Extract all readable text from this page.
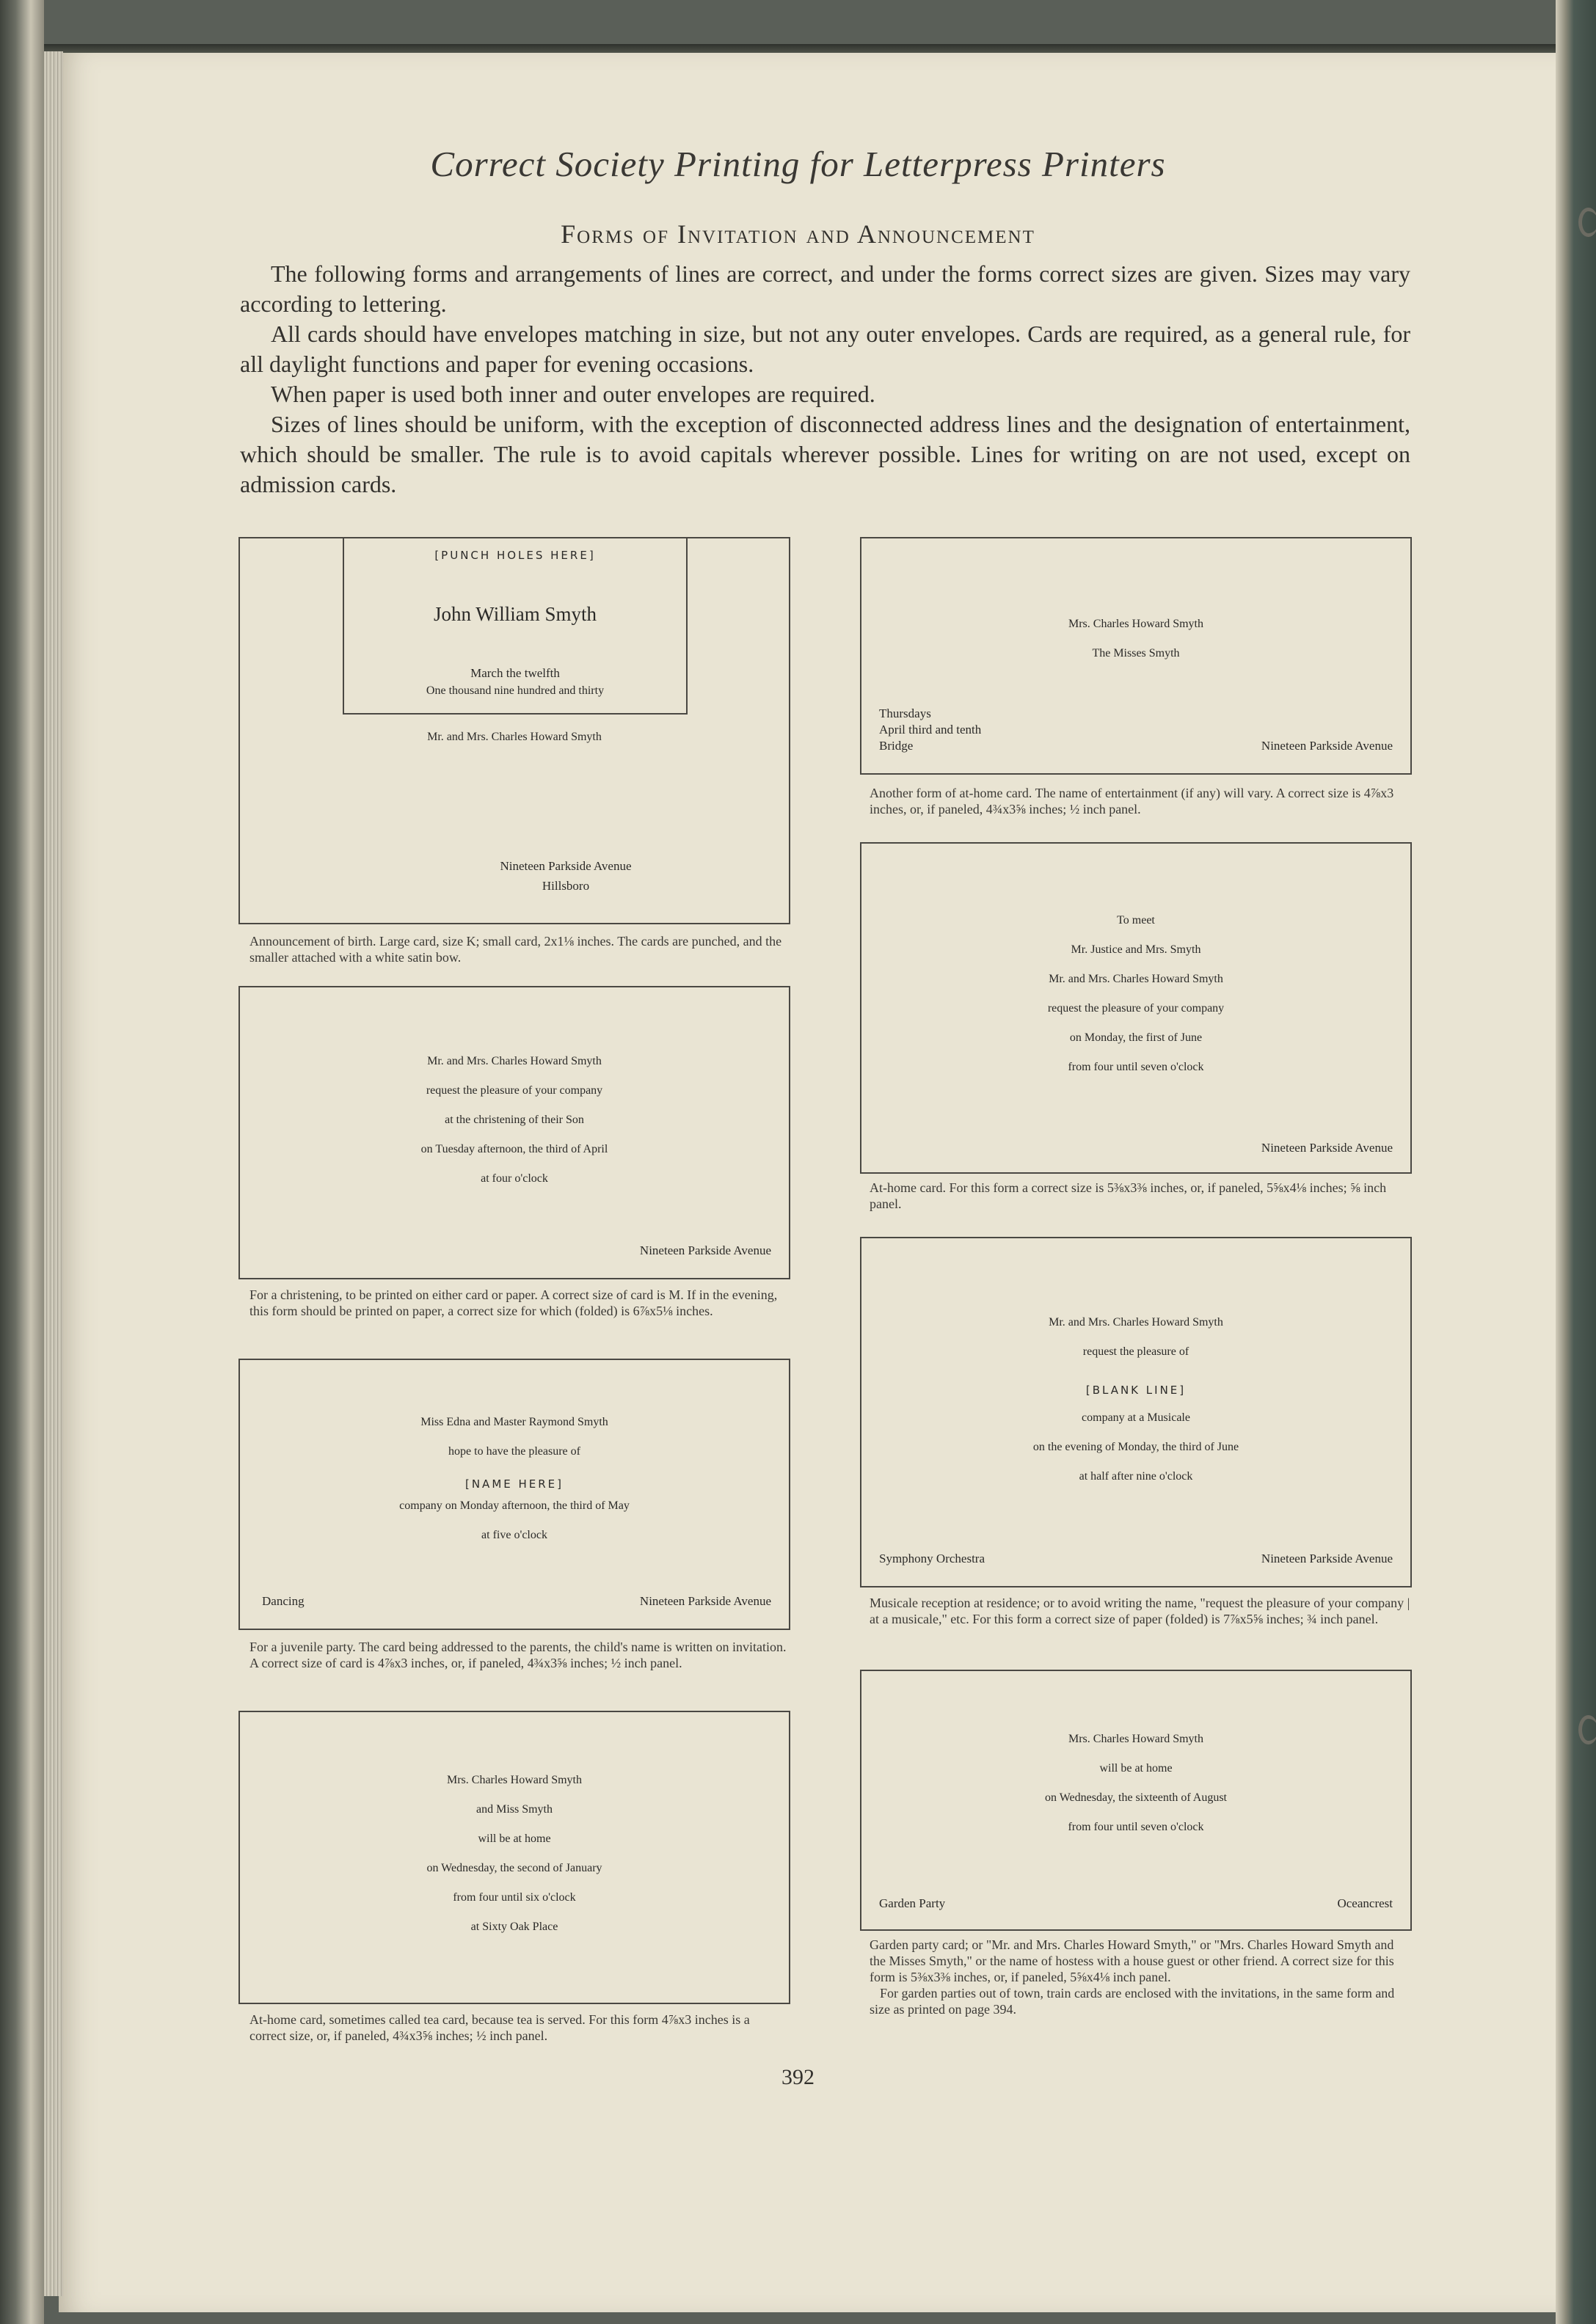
Correct Society Printing for Letterpress Printers
Forms of Invitation and Announcement

The following forms and arrangements of lines are correct, and under the forms correct sizes are given. Sizes may vary according to lettering.

All cards should have envelopes matching in size, but not any outer envelopes. Cards are required, as a general rule, for all daylight functions and paper for evening occasions.

When paper is used both inner and outer envelopes are required.

Sizes of lines should be uniform, with the exception of disconnected address lines and the designation of entertainment, which should be smaller. The rule is to avoid capitals wherever possible. Lines for writing on are not used, except on admission cards.

[PUNCH HOLES HERE]
John William Smyth
March the twelfth
One thousand nine hundred and thirty
Mr. and Mrs. Charles Howard Smyth
Nineteen Parkside Avenue
Hillsboro
Announcement of birth. Large card, size K; small card, 2x1⅛ inches. The cards are punched, and the smaller attached with a white satin bow.
Mr. and Mrs. Charles Howard Smyth
request the pleasure of your company
at the christening of their Son
on Tuesday afternoon, the third of April
at four o'clock
Nineteen Parkside Avenue
For a christening, to be printed on either card or paper. A correct size of card is M. If in the evening, this form should be printed on paper, a correct size for which (folded) is 6⅞x5⅛ inches.
Miss Edna and Master Raymond Smyth
hope to have the pleasure of
[NAME HERE]
company on Monday afternoon, the third of May
at five o'clock
Dancing	Nineteen Parkside Avenue
For a juvenile party. The card being addressed to the parents, the child's name is written on invitation. A correct size of card is 4⅞x3 inches, or, if paneled, 4¾x3⅝ inches; ½ inch panel.
Mrs. Charles Howard Smyth
and Miss Smyth
will be at home
on Wednesday, the second of January
from four until six o'clock
at Sixty Oak Place
At-home card, sometimes called tea card, because tea is served. For this form 4⅞x3 inches is a correct size, or, if paneled, 4¾x3⅝ inches; ½ inch panel.
Mrs. Charles Howard Smyth
The Misses Smyth
Thursdays
April third and tenth
Bridge	Nineteen Parkside Avenue
Another form of at-home card. The name of entertainment (if any) will vary. A correct size is 4⅞x3 inches, or, if paneled, 4¾x3⅝ inches; ½ inch panel.
To meet
Mr. Justice and Mrs. Smyth
Mr. and Mrs. Charles Howard Smyth
request the pleasure of your company
on Monday, the first of June
from four until seven o'clock
Nineteen Parkside Avenue
At-home card. For this form a correct size is 5⅜x3⅜ inches, or, if paneled, 5⅝x4⅛ inches; ⅝ inch panel.
Mr. and Mrs. Charles Howard Smyth
request the pleasure of
[BLANK LINE]
company at a Musicale
on the evening of Monday, the third of June
at half after nine o'clock
Symphony Orchestra	Nineteen Parkside Avenue
Musicale reception at residence; or to avoid writing the name, "request the pleasure of your company | at a musicale," etc. For this form a correct size of paper (folded) is 7⅞x5⅝ inches; ¾ inch panel.
Mrs. Charles Howard Smyth
will be at home
on Wednesday, the sixteenth of August
from four until seven o'clock
Garden Party	Oceancrest

Garden party card; or "Mr. and Mrs. Charles Howard Smyth," or "Mrs. Charles Howard Smyth and the Misses Smyth," or the name of hostess with a house guest or other friend. A correct size for this form is 5⅜x3⅜ inches, or, if paneled, 5⅝x4⅛ inch panel.

For garden parties out of town, train cards are enclosed with the invitations, in the same form and size as printed on page 394.

392
